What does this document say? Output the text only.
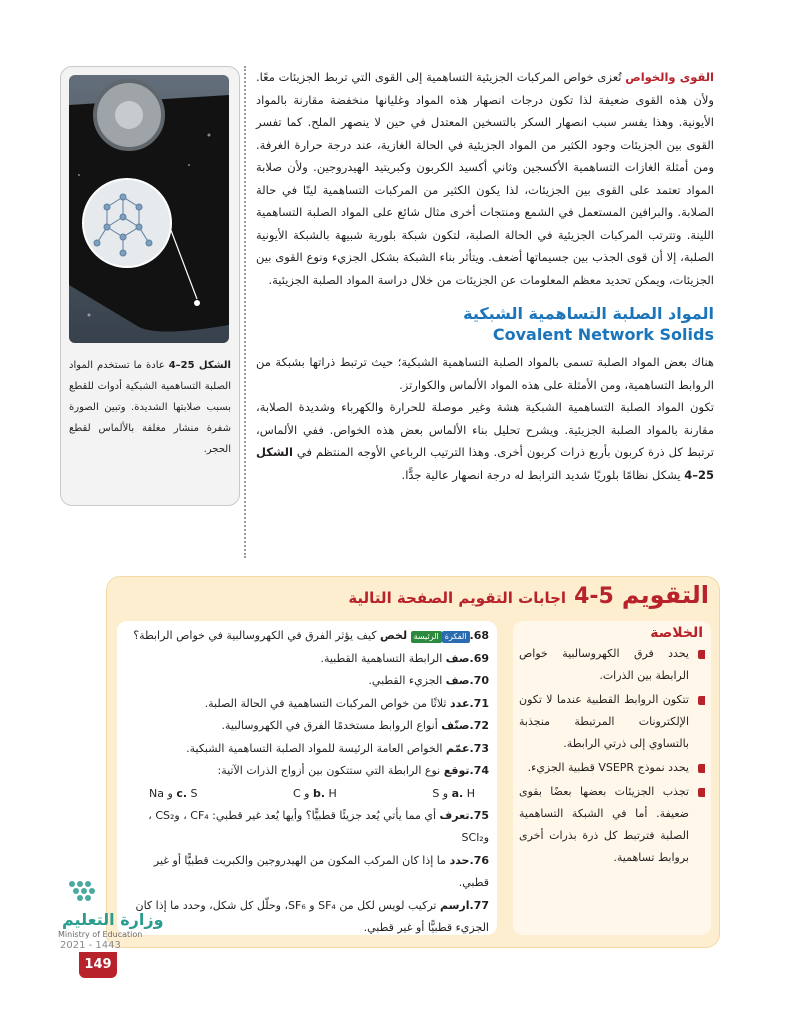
الشكل 25–4 عادة ما تستخدم المواد الصلبة التساهمية الشبكية أدوات للقطع بسبب صلابتها الشديدة. وتبين الصورة شفرة منشار مغلفة بالألماس لقطع الحجر.

القوى والخواص تُعزى خواص المركبات الجزيئية التساهمية إلى القوى التي تربط الجزيئات معًا. ولأن هذه القوى ضعيفة لذا تكون درجات انصهار هذه المواد وغليانها منخفضة مقارنة بالمواد الأيونية. وهذا يفسر سبب انصهار السكر بالتسخين المعتدل في حين لا ينصهر الملح. كما تفسر القوى بين الجزيئات وجود الكثير من المواد الجزيئية في الحالة الغازية، عند درجة حرارة الغرفة. ومن أمثلة الغازات التساهمية الأكسجين وثاني أكسيد الكربون وكبريتيد الهيدروجين. ولأن صلابة المواد تعتمد على القوى بين الجزيئات، لذا يكون الكثير من المركبات التساهمية لينًا في حالة الصلابة. والبرافين المستعمل في الشمع ومنتجات أخرى مثال شائع على المواد الصلبة التساهمية اللينة. وتترتب المركبات الجزيئية في الحالة الصلبة، لتكون شبكة بلورية شبيهة بالشبكة الأيونية الصلبة، إلا أن قوى الجذب بين جسيماتها أضعف. ويتأثر بناء الشبكة بشكل الجزيء ونوع القوى بين الجزيئات، ويمكن تحديد معظم المعلومات عن الجزيئات من خلال دراسة المواد الصلبة الجزيئية.

المواد الصلبة التساهمية الشبكية
Covalent Network Solids

هناك بعض المواد الصلبة تسمى بالمواد الصلبة التساهمية الشبكية؛ حيث ترتبط ذراتها بشبكة من الروابط التساهمية، ومن الأمثلة على هذه المواد الألماس والكوارتز.

تكون المواد الصلبة التساهمية الشبكية هشة وغير موصلة للحرارة والكهرباء وشديدة الصلابة، مقارنة بالمواد الصلبة الجزيئية. ويشرح تحليل بناء الألماس بعض هذه الخواص. ففي الألماس، ترتبط كل ذرة كربون بأربع ذرات كربون أخرى. وهذا الترتيب الرباعي الأوجه المنتظم في الشكل 25–4 يشكل نظامًا بلوريًا شديد الترابط له درجة انصهار عالية جدًّا.

التقويم
4-5
اجابات التقويم الصفحة التالية
الخلاصة
يحدد فرق الكهروسالبية خواص الرابطة بين الذرات.
تتكون الروابط القطبية عندما لا تكون الإلكترونات المرتبطة منجذبة بالتساوي إلى ذرتي الرابطة.
يحدد نموذج VSEPR قطبية الجزيء.
تجذب الجزيئات بعضها بعضًا بقوى ضعيفة. أما في الشبكة التساهمية الصلبة فترتبط كل ذرة بذرات أخرى بروابط تساهمية.

68.الفكرةالرئيسة لخص كيف يؤثر الفرق في الكهروسالبية في خواص الرابطة؟

69.صف الرابطة التساهمية القطبية.

70.صف الجزيء القطبي.

71.عدد ثلاثًا من خواص المركبات التساهمية في الحالة الصلبة.

72.صنّف أنواع الروابط مستخدمًا الفرق في الكهروسالبية.

73.عمّم الخواص العامة الرئيسة للمواد الصلبة التساهمية الشبكية.

74.توقع نوع الرابطة التي ستتكون بين أزواج الذرات الآتية:

a. H و S
b. H و C
c. S و Na

75.تعرف أي مما يأتي يُعد جزيئًا قطبيًّا؟ وأيها يُعد غير قطبي: CF₄ ، وCS₂ ، وSCl₂

76.حدد ما إذا كان المركب المكون من الهيدروجين والكبريت قطبيًّا أو غير قطبي.

77.ارسم تركيب لويس لكل من SF₄ و SF₆، وحلّل كل شكل، وحدد ما إذا كان الجزيء قطبيًّا أو غير قطبي.

وزارة التعليم
Ministry of Education
2021 - 1443
149
